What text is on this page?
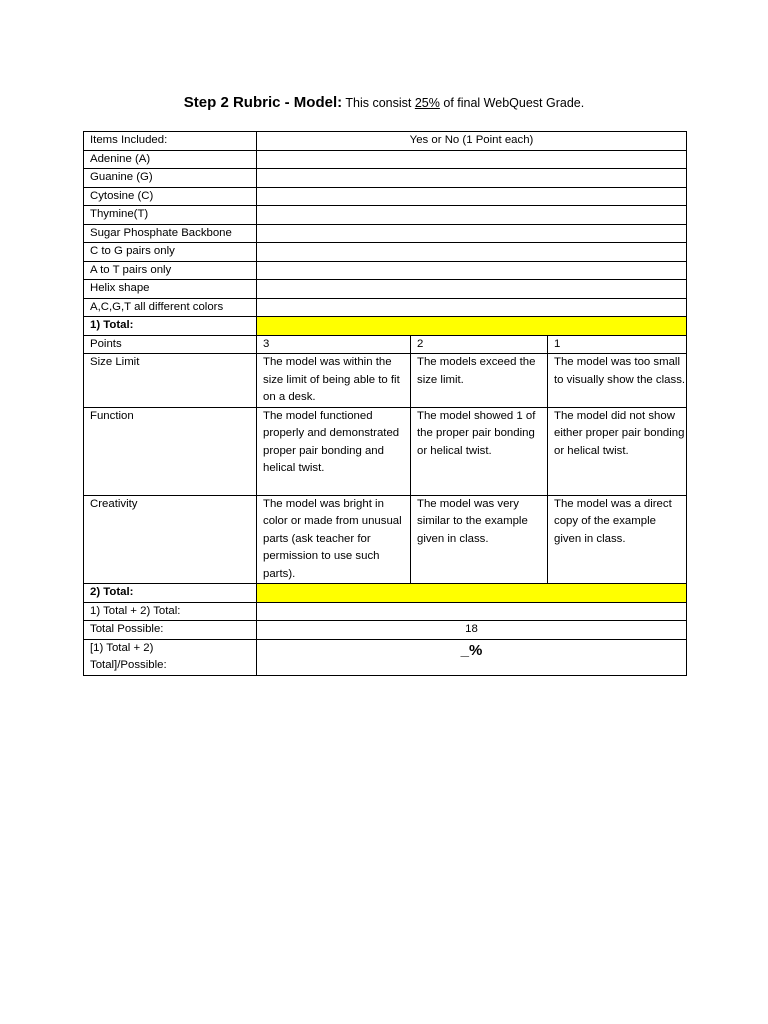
Step 2 Rubric - Model: This consist 25% of final WebQuest Grade.
Items Included:	Yes or No (1 Point each)		
Adenine (A)			
Guanine (G)			
Cytosine (C)			
Thymine(T)			
Sugar Phosphate Backbone			
C to G pairs only			
A to T pairs only			
Helix shape			
A,C,G,T all different colors			
1) Total:			
Points	3	2	1
Size Limit	The model was within the size limit of being able to fit on a desk.	The models exceed the size limit.	The model was too small to visually show the class.
Function	The model functioned properly and demonstrated proper pair bonding and helical twist.	The model showed 1 of the proper pair bonding or helical twist.	The model did not show either proper pair bonding or helical twist.
Creativity	The model was bright in color or made from unusual parts (ask teacher for permission to use such parts).	The model was very similar to the example given in class.	The model was a direct copy of the example given in class.
2) Total:			
1) Total + 2) Total:			
Total Possible:	18		

[1) Total + 2)
Total]/Possible:	_%		
